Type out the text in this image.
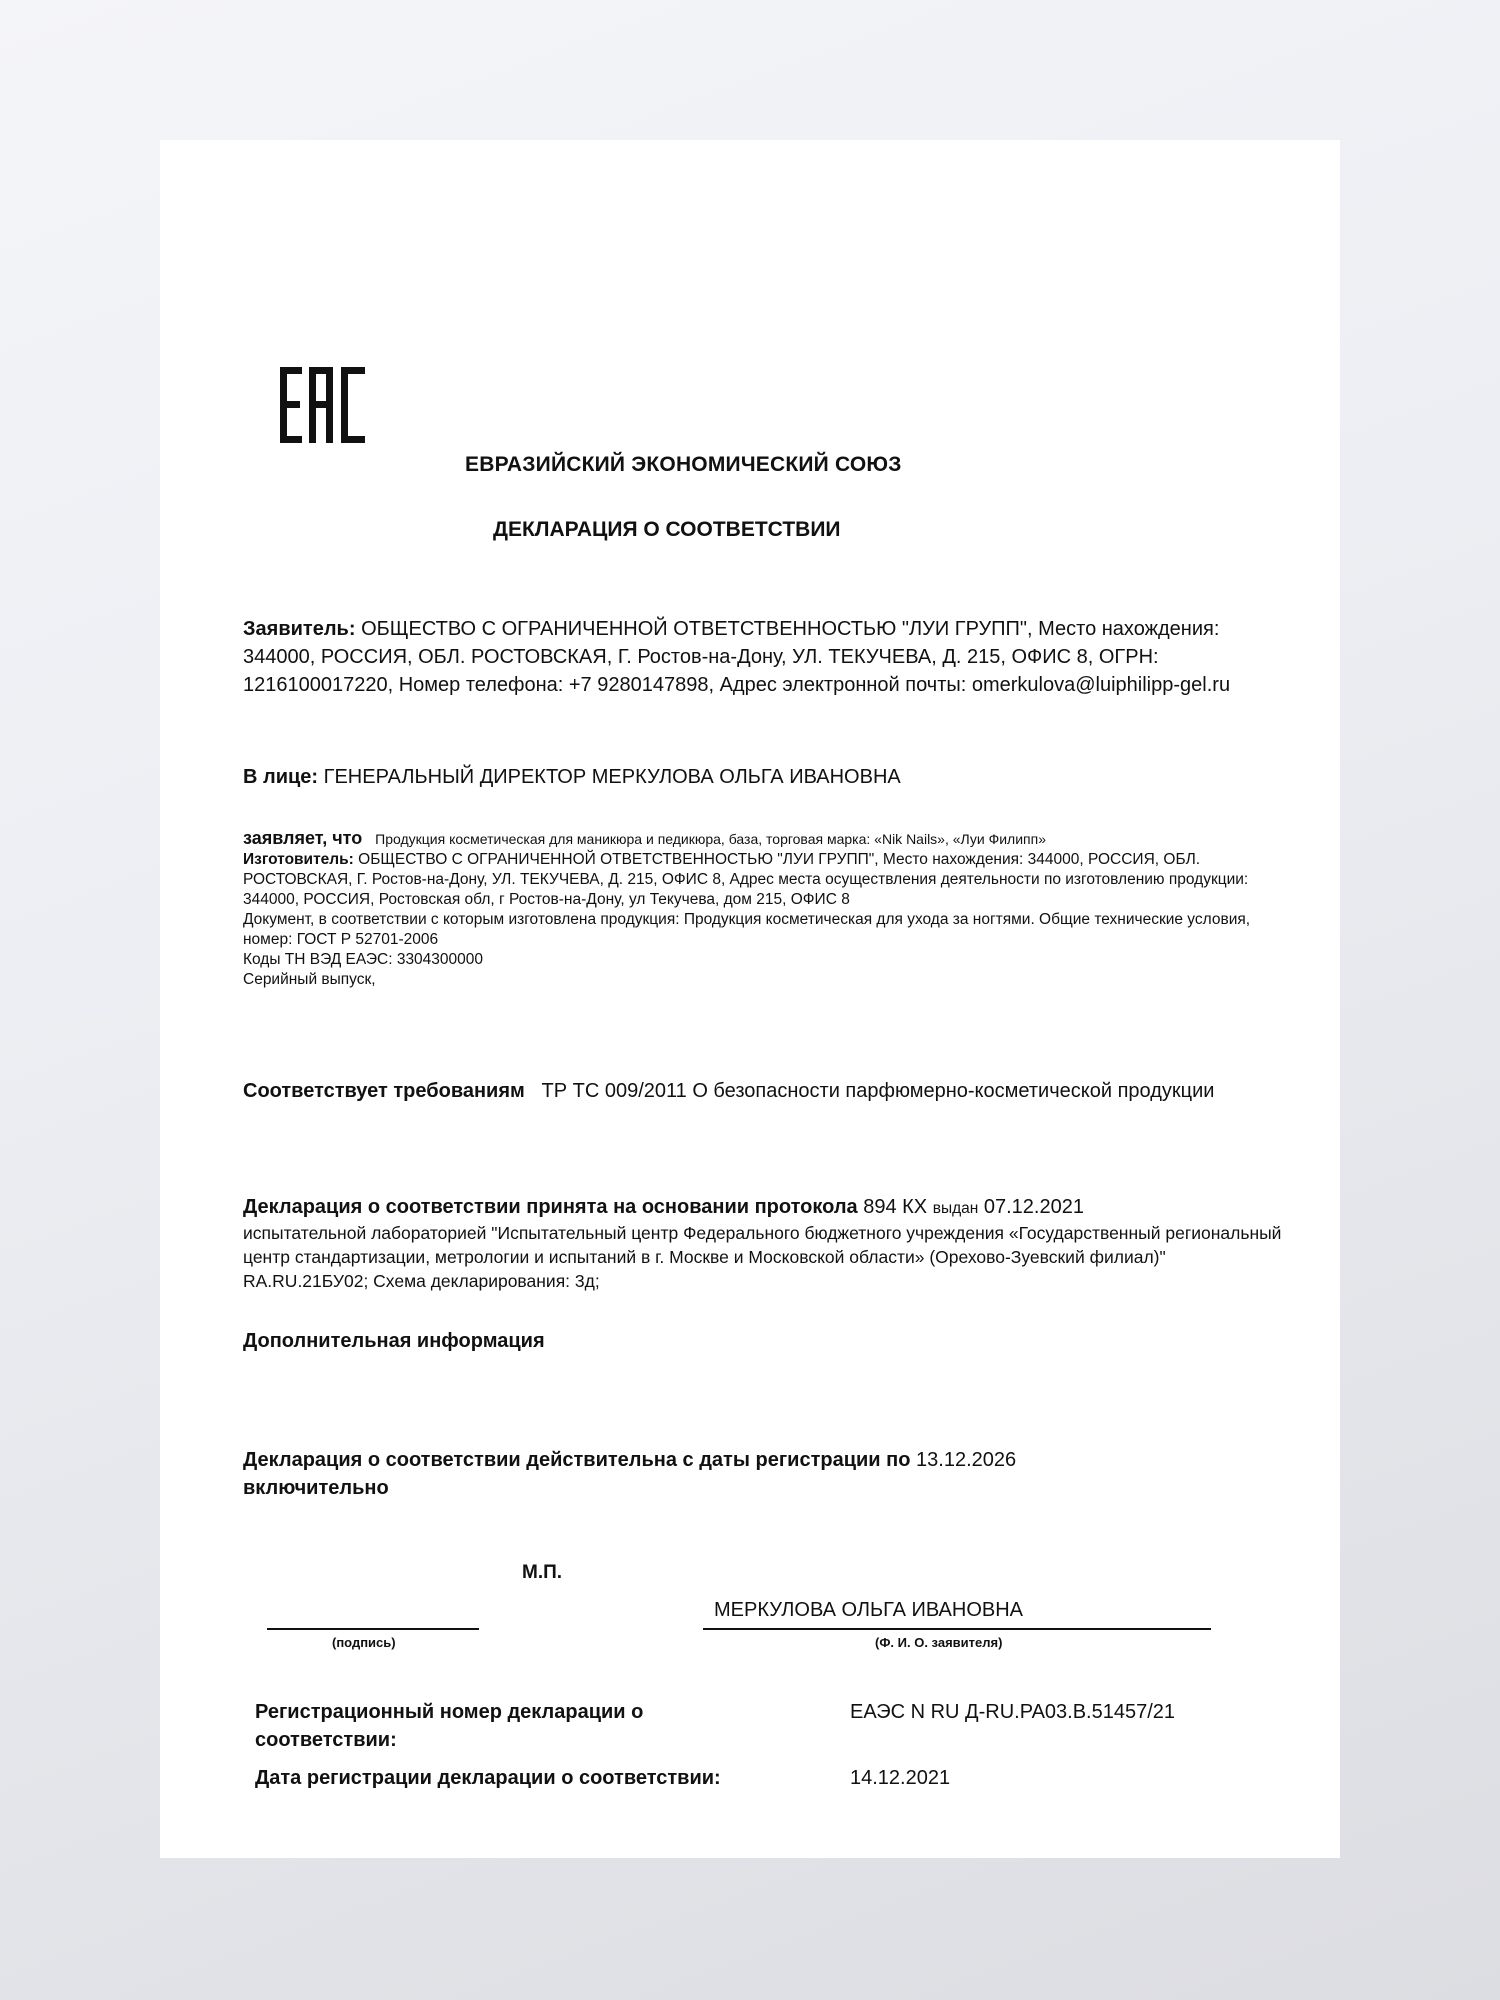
ЕВРАЗИЙСКИЙ ЭКОНОМИЧЕСКИЙ СОЮЗ
ДЕКЛАРАЦИЯ О СООТВЕТСТВИИ
Заявитель: ОБЩЕСТВО С ОГРАНИЧЕННОЙ ОТВЕТСТВЕННОСТЬЮ "ЛУИ ГРУПП", Место нахождения: 344000, РОССИЯ, ОБЛ. РОСТОВСКАЯ, Г. Ростов-на-Дону, УЛ. ТЕКУЧЕВА, Д. 215, ОФИС 8, ОГРН: 1216100017220, Номер телефона: +7 9280147898, Адрес электронной почты: omerkulova@luiphilipp-gel.ru
В лице: ГЕНЕРАЛЬНЫЙ ДИРЕКТОР МЕРКУЛОВА ОЛЬГА ИВАНОВНА
заявляет, что Продукция косметическая для маникюра и педикюра, база, торговая марка: «Nik Nails», «Луи Филипп»
Изготовитель: ОБЩЕСТВО С ОГРАНИЧЕННОЙ ОТВЕТСТВЕННОСТЬЮ "ЛУИ ГРУПП", Место нахождения: 344000, РОССИЯ, ОБЛ. РОСТОВСКАЯ, Г. Ростов-на-Дону, УЛ. ТЕКУЧЕВА, Д. 215, ОФИС 8, Адрес места осуществления деятельности по изготовлению продукции: 344000, РОССИЯ, Ростовская обл, г Ростов-на-Дону, ул Текучева, дом 215, ОФИС 8
Документ, в соответствии с которым изготовлена продукция: Продукция косметическая для ухода за ногтями. Общие технические условия, номер: ГОСТ Р 52701-2006
Коды ТН ВЭД ЕАЭС: 3304300000
Серийный выпуск,
Соответствует требованиям ТР ТС 009/2011 О безопасности парфюмерно-косметической продукции
Декларация о соответствии принята на основании протокола 894 КХ выдан 07.12.2021
испытательной лабораторией "Испытательный центр Федерального бюджетного учреждения «Государственный региональный центр стандартизации, метрологии и испытаний в г. Москве и Московской области» (Орехово-Зуевский филиал)" RA.RU.21БУ02; Схема декларирования: 3д;
Дополнительная информация
Декларация о соответствии действительна с даты регистрации по 13.12.2026
включительно
М.П.
(подпись)
МЕРКУЛОВА ОЛЬГА ИВАНОВНА
(Ф. И. О. заявителя)
Регистрационный номер декларации о соответствии:
ЕАЭС N RU Д-RU.PA03.B.51457/21
Дата регистрации декларации о соответствии:	14.12.2021
